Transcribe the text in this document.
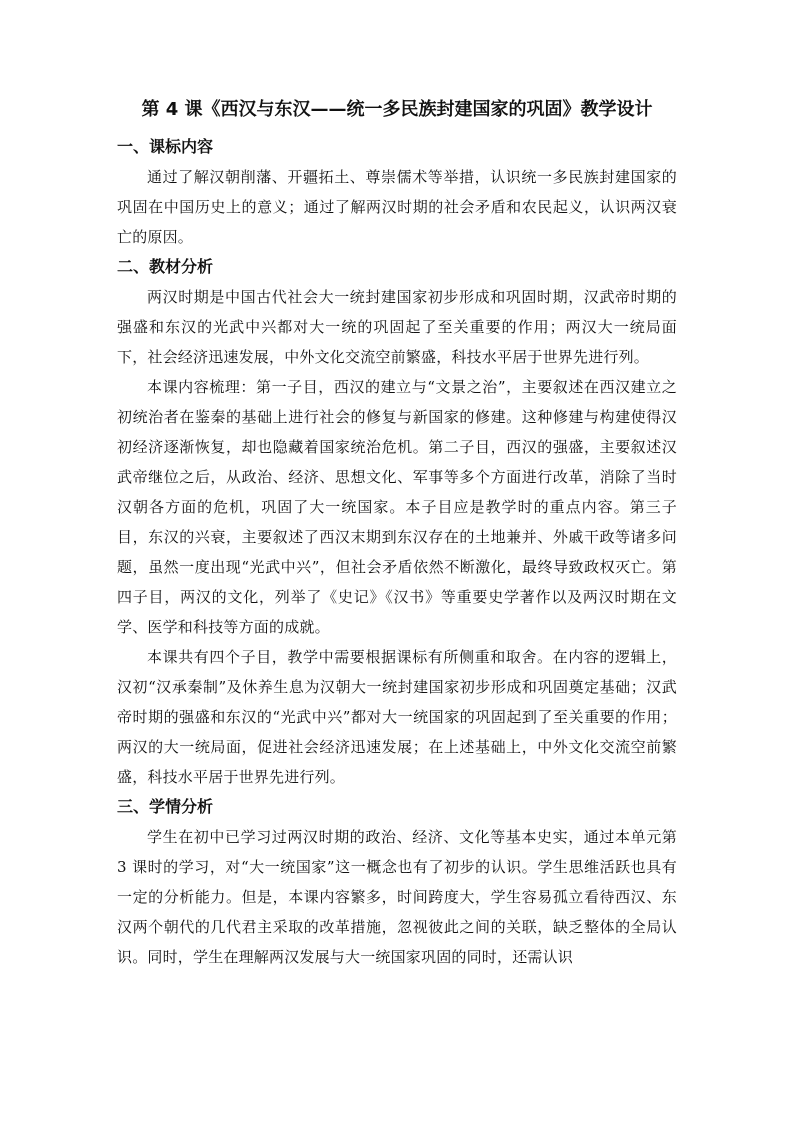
第 4 课《西汉与东汉——统一多民族封建国家的巩固》教学设计
一、课标内容

通过了解汉朝削藩、开疆拓土、尊崇儒术等举措，认识统一多民族封建国家的巩固在中国历史上的意义；通过了解两汉时期的社会矛盾和农民起义，认识两汉衰亡的原因。

二、教材分析

两汉时期是中国古代社会大一统封建国家初步形成和巩固时期，汉武帝时期的强盛和东汉的光武中兴都对大一统的巩固起了至关重要的作用；两汉大一统局面下，社会经济迅速发展，中外文化交流空前繁盛，科技水平居于世界先进行列。

本课内容梳理：第一子目，西汉的建立与“文景之治”，主要叙述在西汉建立之初统治者在鉴秦的基础上进行社会的修复与新国家的修建。这种修建与构建使得汉初经济逐渐恢复，却也隐藏着国家统治危机。第二子目，西汉的强盛，主要叙述汉武帝继位之后，从政治、经济、思想文化、军事等多个方面进行改革，消除了当时汉朝各方面的危机，巩固了大一统国家。本子目应是教学时的重点内容。第三子目，东汉的兴衰，主要叙述了西汉末期到东汉存在的土地兼并、外戚干政等诸多问题，虽然一度出现“光武中兴”，但社会矛盾依然不断激化，最终导致政权灭亡。第四子目，两汉的文化，列举了《史记》《汉书》等重要史学著作以及两汉时期在文学、医学和科技等方面的成就。

本课共有四个子目，教学中需要根据课标有所侧重和取舍。在内容的逻辑上，汉初“汉承秦制”及休养生息为汉朝大一统封建国家初步形成和巩固奠定基础；汉武帝时期的强盛和东汉的“光武中兴”都对大一统国家的巩固起到了至关重要的作用；两汉的大一统局面，促进社会经济迅速发展；在上述基础上，中外文化交流空前繁盛，科技水平居于世界先进行列。

三、学情分析

学生在初中已学习过两汉时期的政治、经济、文化等基本史实，通过本单元第 3 课时的学习，对“大一统国家”这一概念也有了初步的认识。学生思维活跃也具有一定的分析能力。但是，本课内容繁多，时间跨度大，学生容易孤立看待西汉、东汉两个朝代的几代君主采取的改革措施，忽视彼此之间的关联，缺乏整体的全局认识。同时，学生在理解两汉发展与大一统国家巩固的同时，还需认识
